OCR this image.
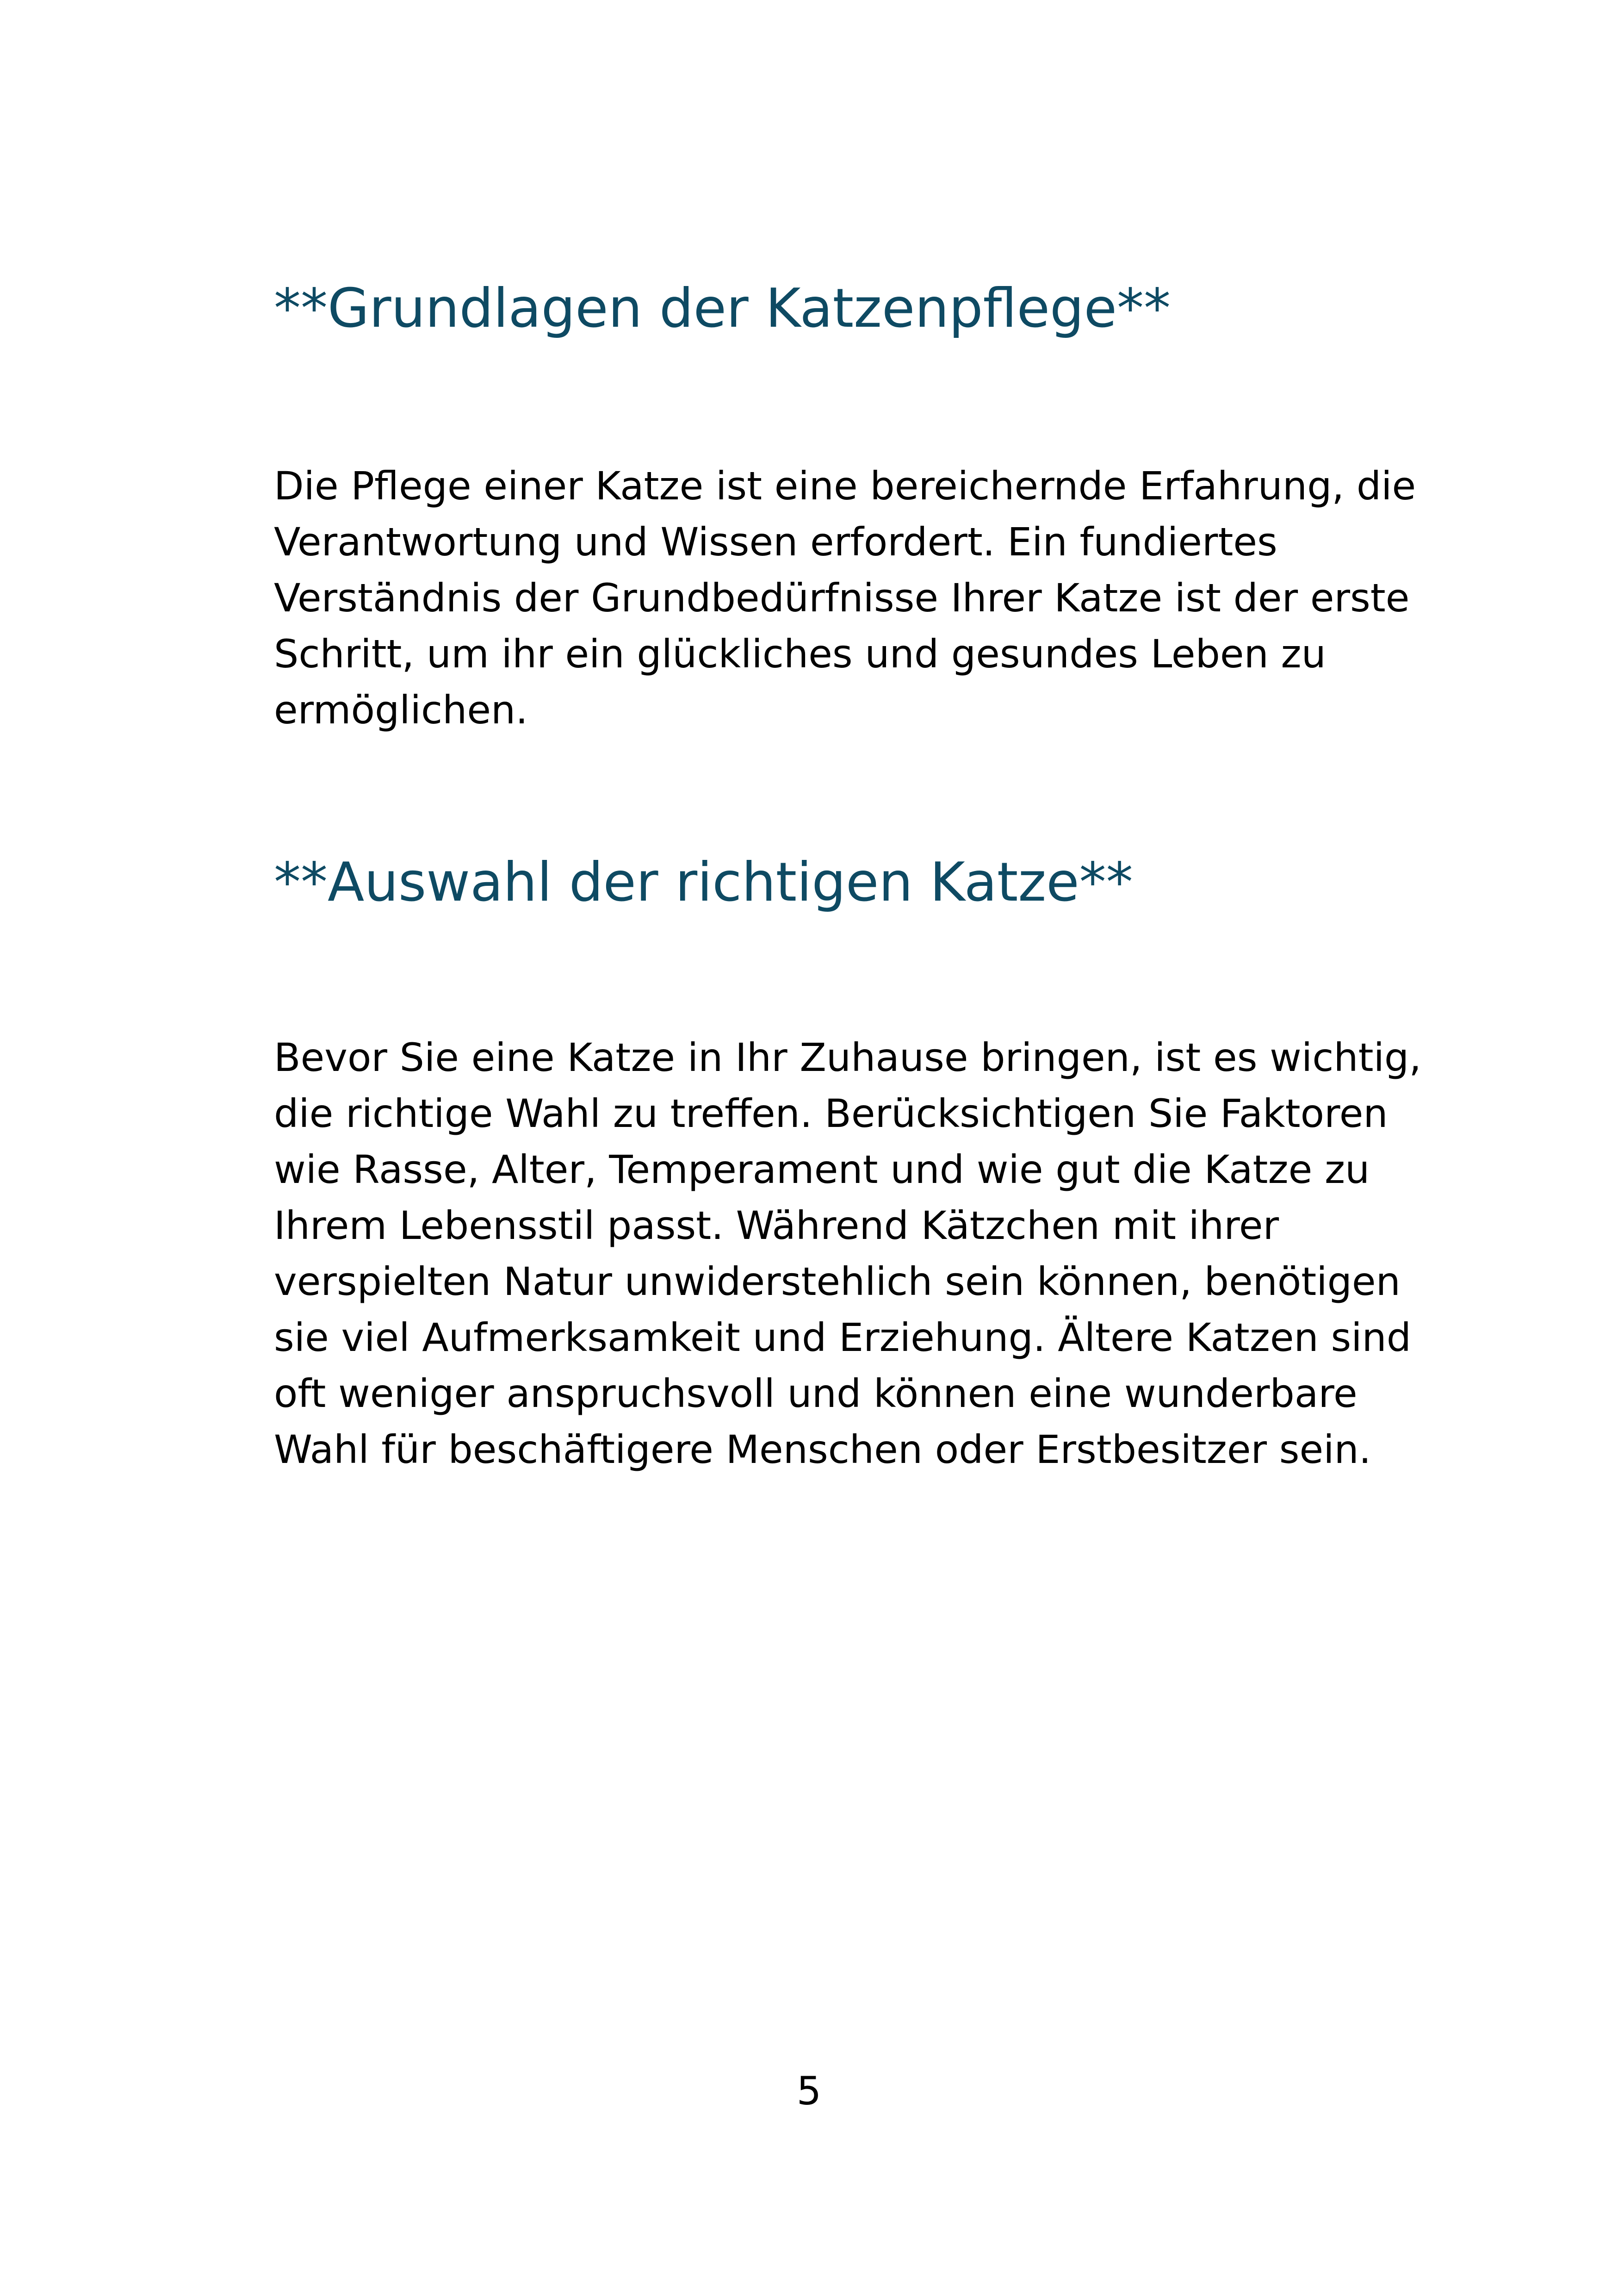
**Grundlagen der Katzenpflege**

Die Pflege einer Katze ist eine bereichernde Erfahrung, die
Verantwortung und Wissen erfordert. Ein fundiertes
Verständnis der Grundbedürfnisse Ihrer Katze ist der erste
Schritt, um ihr ein glückliches und gesundes Leben zu
ermöglichen.

**Auswahl der richtigen Katze**

Bevor Sie eine Katze in Ihr Zuhause bringen, ist es wichtig,
die richtige Wahl zu treffen. Berücksichtigen Sie Faktoren
wie Rasse, Alter, Temperament und wie gut die Katze zu
Ihrem Lebensstil passt. Während Kätzchen mit ihrer
verspielten Natur unwiderstehlich sein können, benötigen
sie viel Aufmerksamkeit und Erziehung. Ältere Katzen sind
oft weniger anspruchsvoll und können eine wunderbare
Wahl für beschäftigere Menschen oder Erstbesitzer sein.

5
